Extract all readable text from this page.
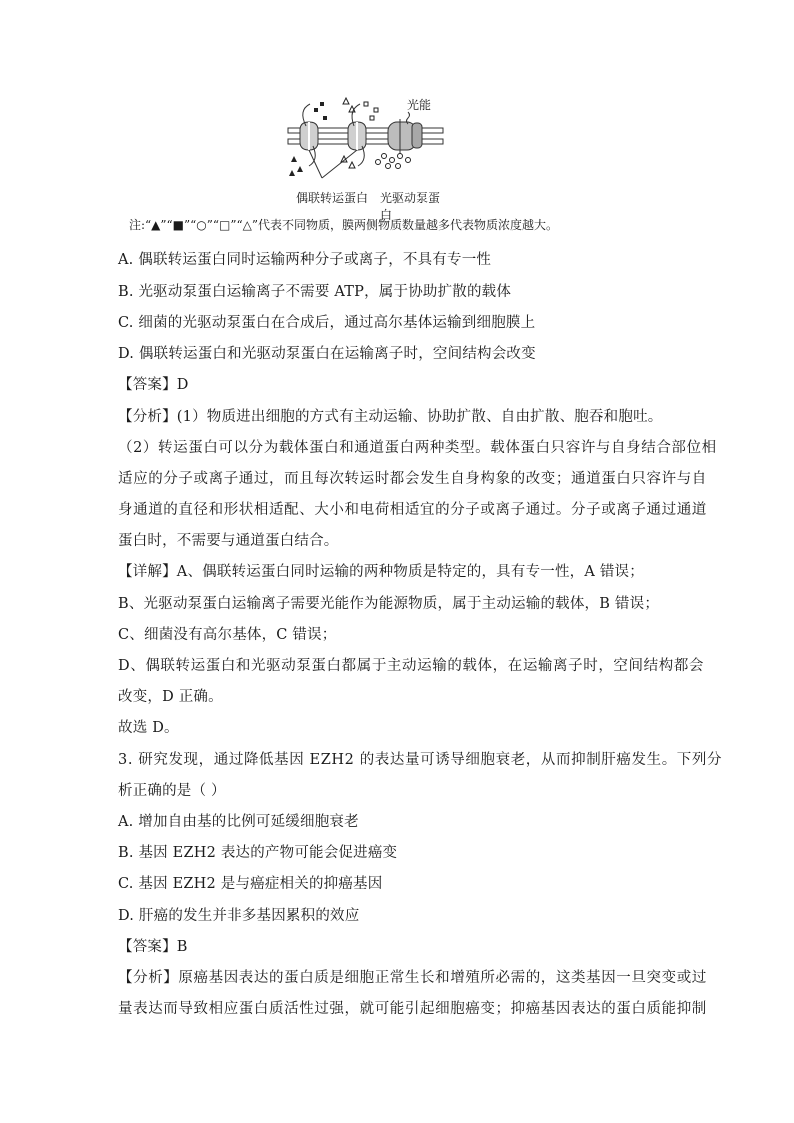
光能
偶联转运蛋白 光驱动泵蛋白
注:“▲”“■”“○”“□”“△”代表不同物质，膜两侧物质数量越多代表物质浓度越大。
A. 偶联转运蛋白同时运输两种分子或离子，不具有专一性
B. 光驱动泵蛋白运输离子不需要 ATP，属于协助扩散的载体
C. 细菌的光驱动泵蛋白在合成后，通过高尔基体运输到细胞膜上
D. 偶联转运蛋白和光驱动泵蛋白在运输离子时，空间结构会改变
【答案】D
【分析】(1）物质进出细胞的方式有主动运输、协助扩散、自由扩散、胞吞和胞吐。
（2）转运蛋白可以分为载体蛋白和通道蛋白两种类型。载体蛋白只容许与自身结合部位相
适应的分子或离子通过，而且每次转运时都会发生自身构象的改变；通道蛋白只容许与自
身通道的直径和形状相适配、大小和电荷相适宜的分子或离子通过。分子或离子通过通道
蛋白时，不需要与通道蛋白结合。
【详解】A、偶联转运蛋白同时运输的两种物质是特定的，具有专一性，A 错误；
B、光驱动泵蛋白运输离子需要光能作为能源物质，属于主动运输的载体，B 错误；
C、细菌没有高尔基体，C 错误；
D、偶联转运蛋白和光驱动泵蛋白都属于主动运输的载体，在运输离子时，空间结构都会
改变，D 正确。
故选 D。
3. 研究发现，通过降低基因 EZH2 的表达量可诱导细胞衰老，从而抑制肝癌发生。下列分
析正确的是（ ）
A. 增加自由基的比例可延缓细胞衰老
B. 基因 EZH2 表达的产物可能会促进癌变
C. 基因 EZH2 是与癌症相关的抑癌基因
D. 肝癌的发生并非多基因累积的效应
【答案】B
【分析】原癌基因表达的蛋白质是细胞正常生长和增殖所必需的，这类基因一旦突变或过
量表达而导致相应蛋白质活性过强，就可能引起细胞癌变；抑癌基因表达的蛋白质能抑制
